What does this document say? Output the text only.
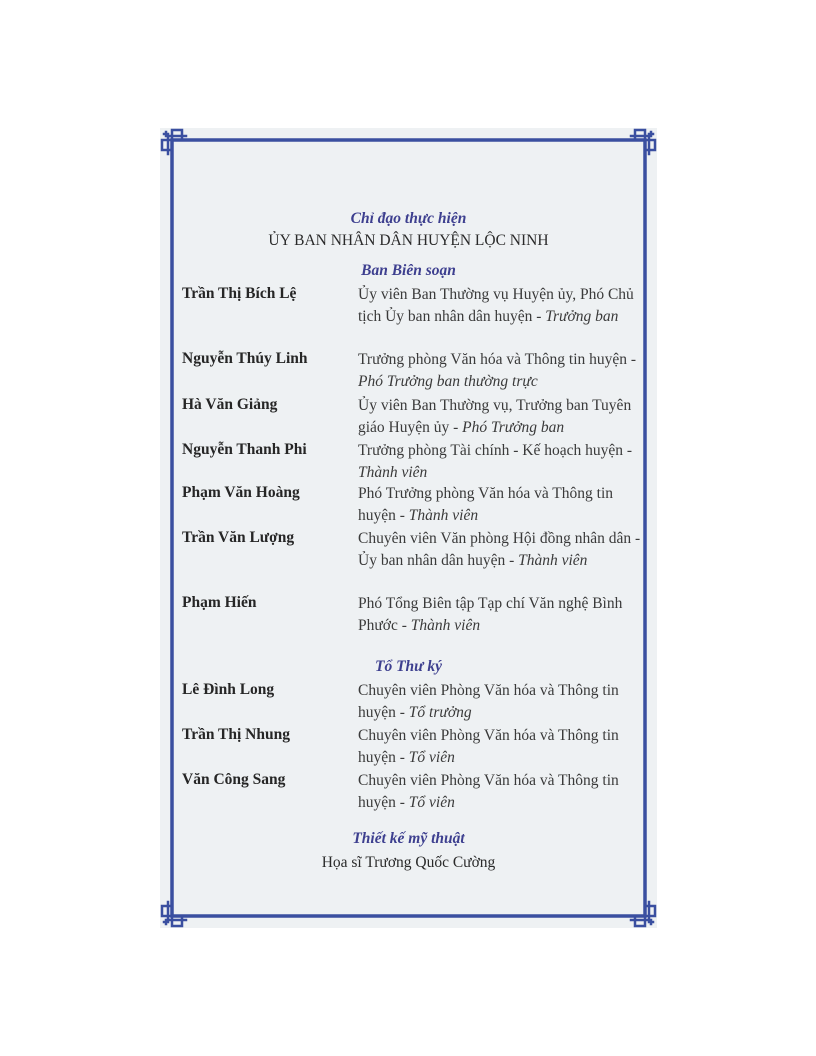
Chỉ đạo thực hiện
ỦY BAN NHÂN DÂN HUYỆN LỘC NINH
Ban Biên soạn
Trần Thị Bích Lệ	Ủy viên Ban Thường vụ Huyện ủy, Phó Chủ tịch Ủy ban nhân dân huyện - Trưởng ban
Nguyễn Thúy Linh	Trưởng phòng Văn hóa và Thông tin huyện - Phó Trưởng ban thường trực
Hà Văn Giảng	Ủy viên Ban Thường vụ, Trưởng ban Tuyên giáo Huyện ủy - Phó Trưởng ban
Nguyễn Thanh Phi	Trưởng phòng Tài chính - Kế hoạch huyện - Thành viên
Phạm Văn Hoàng	Phó Trưởng phòng Văn hóa và Thông tin huyện - Thành viên
Trần Văn Lượng	Chuyên viên Văn phòng Hội đồng nhân dân - Ủy ban nhân dân huyện - Thành viên
Phạm Hiến	Phó Tổng Biên tập Tạp chí Văn nghệ Bình Phước - Thành viên
Tổ Thư ký
Lê Đình Long	Chuyên viên Phòng Văn hóa và Thông tin huyện - Tổ trưởng
Trần Thị Nhung	Chuyên viên Phòng Văn hóa và Thông tin huyện - Tổ viên
Văn Công Sang	Chuyên viên Phòng Văn hóa và Thông tin huyện - Tổ viên
Thiết kế mỹ thuật
Họa sĩ Trương Quốc Cường
